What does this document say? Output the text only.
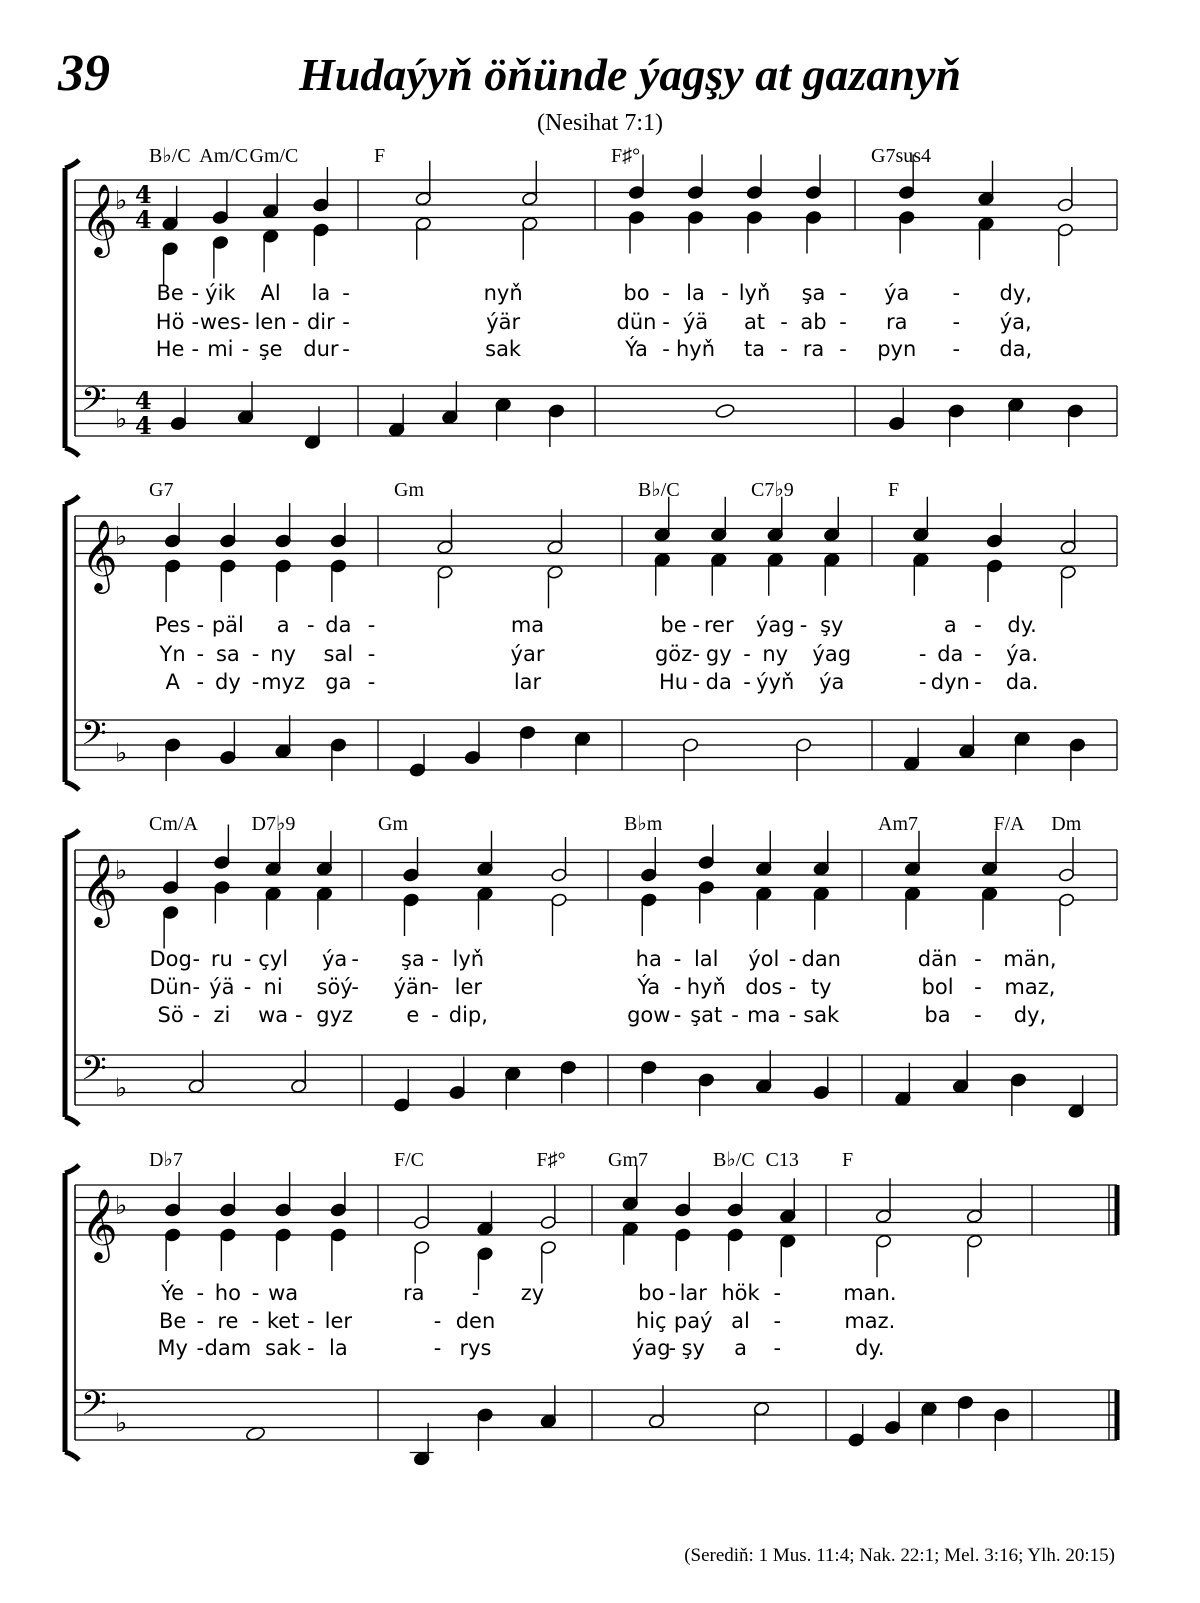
39	Hudaýyň öňünde ýagşy at gazanyň
(Nesihat 7:1)
𝄞
𝄢
♭
♭
4
4
4
4
B♭/C Am/C Gm/C	F	F♯°	G7sus4
Be - ýik Al la -	nyň	bo - la - lyň şa - ýa - dy,
Hö - wes - len - dir -	ýär	dün - ýä at - ab - ra - ýa,
He - mi - şe dur -	sak	Ýa - hyň ta - ra - pyn - da,
𝄞
𝄢
♭
♭
G7	Gm	B♭/C	C7♭9	F
Pes - päl a - da -	ma	be - rer ýag - şy	a - dy.
Yn - sa - ny sal -	ýar	göz - gy - ny ýag	- da - ýa.
A - dy - myz ga -	lar	Hu - da - ýyň ýa	- dyn - da.
𝄞
𝄢
♭
♭
Cm/A	D7♭9	Gm	B♭m	Am7	F/A Dm
Dog - ru - çyl ýa - şa - lyň	ha - lal ýol - dan	dän - män,
Dün - ýä - ni söý
- ýän - ler	Ýa - hyň dos - ty	bol - maz,
Sö - zi wa - gyz	e - dip,	gow - şat - ma - sak	ba - dy,
𝄞
𝄢
♭
♭
D♭7	F/C	F♯° Gm7	B♭/C C13 F
Ýe - ho - wa	ra - zy	bo - lar hök -	man.
Be - re - ket - ler	- den	hiç paý al -	maz.
My - dam sak - la	- rys	ýag
- şy a -	dy.
(Serediň: 1 Mus. 11:4; Nak. 22:1; Mel. 3:16; Ylh. 20:15)
